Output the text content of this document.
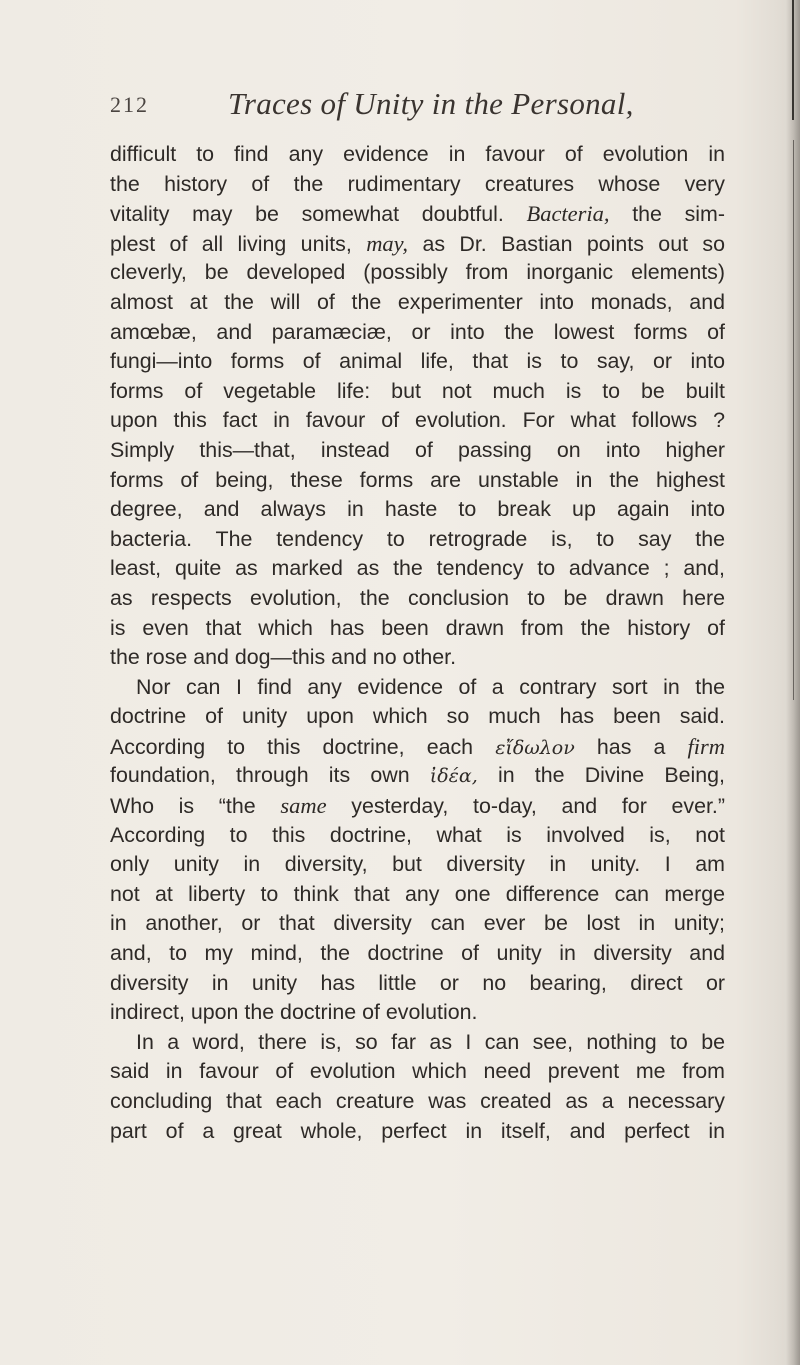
212	Traces of Unity in the Personal,
difficult to find any evidence in favour of evolution in
the history of the rudimentary creatures whose very
vitality may be somewhat doubtful. Bacteria, the sim-
plest of all living units, may, as Dr. Bastian points out so
cleverly, be developed (possibly from inorganic elements)
almost at the will of the experimenter into monads, and
amœbæ, and paramæciæ, or into the lowest forms of
fungi—into forms of animal life, that is to say, or into
forms of vegetable life: but not much is to be built
upon this fact in favour of evolution. For what follows ?
Simply this—that, instead of passing on into higher
forms of being, these forms are unstable in the highest
degree, and always in haste to break up again into
bacteria. The tendency to retrograde is, to say the
least, quite as marked as the tendency to advance ; and,
as respects evolution, the conclusion to be drawn here
is even that which has been drawn from the history of
the rose and dog—this and no other.
Nor can I find any evidence of a contrary sort in the
doctrine of unity upon which so much has been said.
According to this doctrine, each εἴδωλον has a firm
foundation, through its own ἰδέα, in the Divine Being,
Who is “the same yesterday, to-day, and for ever.”
According to this doctrine, what is involved is, not
only unity in diversity, but diversity in unity. I am
not at liberty to think that any one difference can merge
in another, or that diversity can ever be lost in unity;
and, to my mind, the doctrine of unity in diversity and
diversity in unity has little or no bearing, direct or
indirect, upon the doctrine of evolution.
In a word, there is, so far as I can see, nothing to be
said in favour of evolution which need prevent me from
concluding that each creature was created as a necessary
part of a great whole, perfect in itself, and perfect in
